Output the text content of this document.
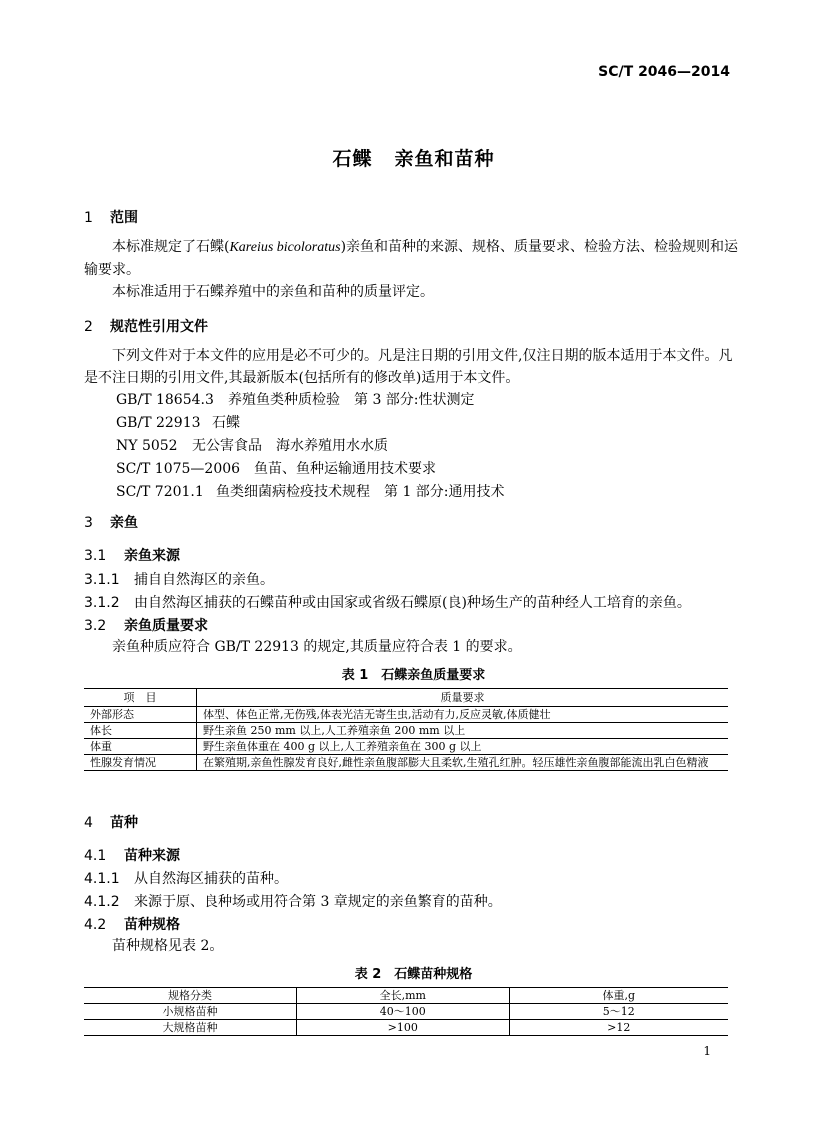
SC/T 2046—2014
石鲽 亲鱼和苗种
1 范围
本标准规定了石鲽(Kareius bicoloratus)亲鱼和苗种的来源、规格、质量要求、检验方法、检验规则和运输要求。
本标准适用于石鲽养殖中的亲鱼和苗种的质量评定。
2 规范性引用文件
下列文件对于本文件的应用是必不可少的。凡是注日期的引用文件,仅注日期的版本适用于本文件。凡是不注日期的引用文件,其最新版本(包括所有的修改单)适用于本文件。
GB/T 18654.3 养殖鱼类种质检验　第 3 部分:性状测定
GB/T 22913 石鲽
NY 5052 无公害食品　海水养殖用水水质
SC/T 1075—2006 鱼苗、鱼种运输通用技术要求
SC/T 7201.1 鱼类细菌病检疫技术规程　第 1 部分:通用技术
3 亲鱼
3.1 亲鱼来源
3.1.1 捕自自然海区的亲鱼。
3.1.2 由自然海区捕获的石鲽苗种或由国家或省级石鲽原(良)种场生产的苗种经人工培育的亲鱼。
3.2 亲鱼质量要求
亲鱼种质应符合 GB/T 22913 的规定,其质量应符合表 1 的要求。
表 1　石鲽亲鱼质量要求
项　目	质量要求
外部形态	体型、体色正常,无伤残,体表光洁无寄生虫,活动有力,反应灵敏,体质健壮
体长	野生亲鱼 250 mm 以上,人工养殖亲鱼 200 mm 以上
体重	野生亲鱼体重在 400 g 以上,人工养殖亲鱼在 300 g 以上
性腺发育情况	在繁殖期,亲鱼性腺发育良好,雌性亲鱼腹部膨大且柔软,生殖孔红肿。轻压雄性亲鱼腹部能流出乳白色精液
4 苗种
4.1 苗种来源
4.1.1 从自然海区捕获的苗种。
4.1.2 来源于原、良种场或用符合第 3 章规定的亲鱼繁育的苗种。
4.2 苗种规格
苗种规格见表 2。
表 2　石鲽苗种规格
规格分类	全长,mm	体重,g
小规格苗种	40～100	5～12
大规格苗种	>100	>12
1
